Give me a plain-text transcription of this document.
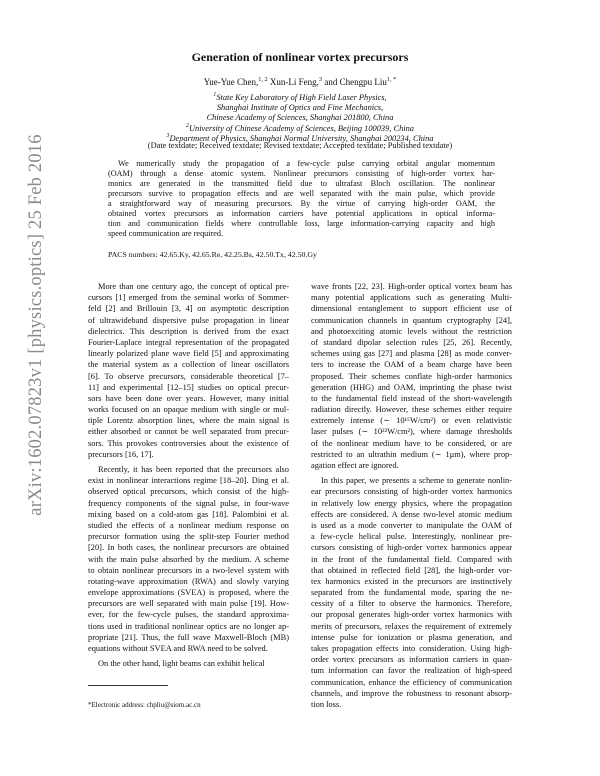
arXiv:1602.07823v1 [physics.optics] 25 Feb 2016
Generation of nonlinear vortex precursors
Yue-Yue Chen,$^{1, 2}$ Xun-Li Feng,$^3$ and Chengpu Liu$^{1, *}$
$^1$State Key Laboratory of High Field Laser Physics,
Shanghai Institute of Optics and Fine Mechanics,
Chinese Academy of Sciences, Shanghai 201800, China
$^2$University of Chinese Academy of Sciences, Beijing 100039, China
$^3$Department of Physics, Shanghai Normal University, Shanghai 200234, China
(Date textdate; Received textdate; Revised textdate; Accepted textdate; Published textdate)
We numerically study the propagation of a few-cycle pulse carrying orbital angular momentum
(OAM) through a dense atomic system. Nonlinear precursors consisting of high-order vortex har-
monics are generated in the transmitted field due to ultrafast Bloch oscillation. The nonlinear
precursors survive to propagation effects and are well separated with the main pulse, which provide
a straightforward way of measuring precursors. By the virtue of carrying high-order OAM, the
obtained vortex precursors as information carriers have potential applications in optical informa-
tion and communication fields where controllable loss, large information-carrying capacity and high
speed communication are required.
PACS numbers: 42.65.Ky, 42.65.Re, 42.25.Bs, 42.50.Tx, 42.50.Gy
More than one century ago, the concept of optical pre-
cursors [1] emerged from the seminal works of Sommer-
feld [2] and Brillouin [3, 4] on asymptotic description
of ultrawideband dispersive pulse propagation in linear
dielectrics. This description is derived from the exact
Fourier-Laplace integral representation of the propagated
linearly polarized plane wave field [5] and approximating
the material system as a collection of linear oscillators
[6]. To observe precursors, considerable theoretical [7–
11] and experimental [12–15] studies on optical precur-
sors have been done over years. However, many initial
works focused on an opaque medium with single or mul-
tiple Lorentz absorption lines, where the main signal is
either absorbed or cannot be well separated from precur-
sors. This provokes controversies about the existence of
precursors [16, 17].
Recently, it has been reported that the precursors also
exist in nonlinear interactions regime [18–20]. Ding et al.
observed optical precursors, which consist of the high-
frequency components of the signal pulse, in four-wave
mixing based on a cold-atom gas [18]. Palombini et al.
studied the effects of a nonlinear medium response on
precursor formation using the split-step Fourier method
[20]. In both cases, the nonlinear precursors are obtained
with the main pulse absorbed by the medium. A scheme
to obtain nonlinear precursors in a two-level system with
rotating-wave approximation (RWA) and slowly varying
envelope approximations (SVEA) is proposed, where the
precursors are well separated with main pulse [19]. How-
ever, for the few-cycle pulses, the standard approxima-
tions used in traditional nonlinear optics are no longer ap-
propriate [21]. Thus, the full wave Maxwell-Bloch (MB)
equations without SVEA and RWA need to be solved.
On the other hand, light beams can exhibit helical
wave fronts [22, 23]. High-order optical vortex beam has
many potential applications such as generating Multi-
dimensional entanglement to support efficient use of
communication channels in quantum cryptography [24],
and photoexciting atomic levels without the restriction
of standard dipolar selection rules [25, 26]. Recently,
schemes using gas [27] and plasma [28] as mode conver-
ters to increase the OAM of a beam charge have been
proposed. Their schemes conflate high-order harmonics
generation (HHG) and OAM, imprinting the phase twist
to the fundamental field instead of the short-wavelength
radiation directly. However, these schemes either require
extremely intense (∼ 10¹⁵W/cm²) or even relativistic
laser pulses (∼ 10²²W/cm²), where damage thresholds
of the nonlinear medium have to be considered, or are
restricted to an ultrathin medium (∼ 1μm), where prop-
agation effect are ignored.
In this paper, we presents a scheme to generate nonlin-
ear precursors consisting of high-order vortex harmonics
in relatively low energy physics, where the propagation
effects are considered. A dense two-level atomic medium
is used as a mode converter to manipulate the OAM of
a few-cycle helical pulse. Interestingly, nonlinear pre-
cursors consisting of high-order vortex harmonics appear
in the front of the fundamental field. Compared with
that obtained in reflected field [28], the high-order vor-
tex harmonics existed in the precursors are instinctively
separated from the fundamental mode, sparing the ne-
cessity of a filter to observe the harmonics. Therefore,
our proposal generates high-order vortex harmonics with
merits of precursors, relaxes the requirement of extremely
intense pulse for ionization or plasma generation, and
takes propagation effects into consideration. Using high-
order vortex precursors as information carriers in quan-
tum information can favor the realization of high-speed
communication, enhance the efficiency of communication
channels, and improve the robustness to resonant absorp-
tion loss.
*Electronic address: chpliu@siom.ac.cn
